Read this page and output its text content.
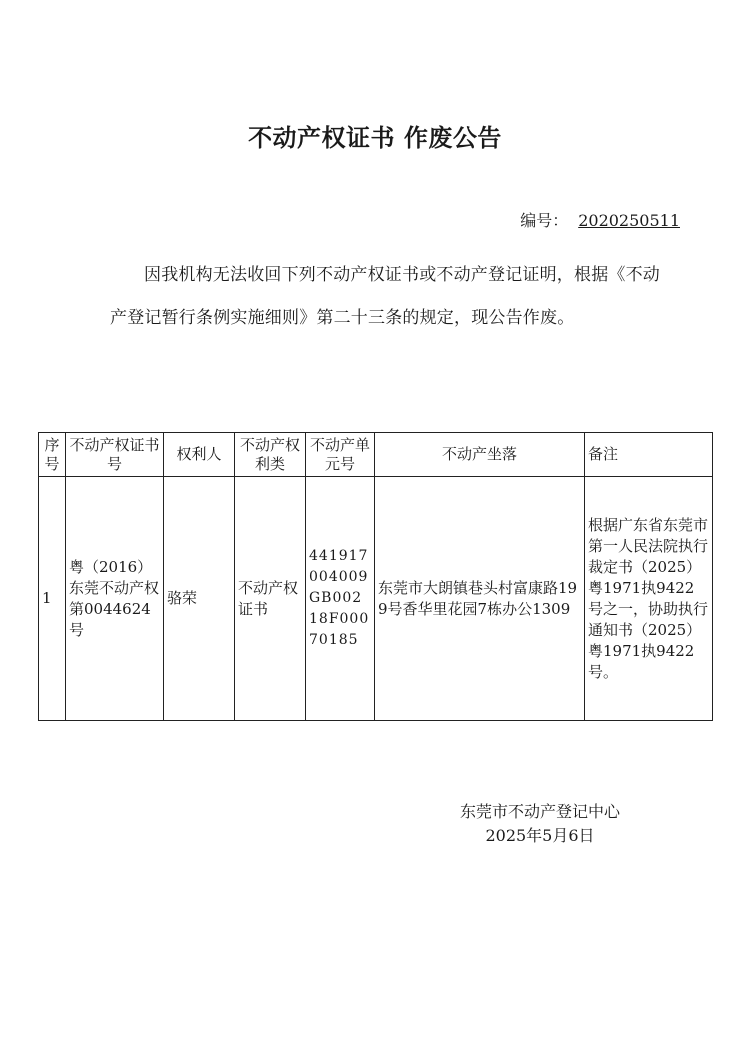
不动产权证书 作废公告
编号： 2020250511
因我机构无法收回下列不动产权证书或不动产登记证明，根据《不动产登记暂行条例实施细则》第二十三条的规定，现公告作废。
序号	不动产权证书号	权利人	不动产权利类	不动产单元号	不动产坐落	备注
1	粤（2016）东莞不动产权第0044624号	骆荣	不动产权证书	441917004009GB00218F00070185	东莞市大朗镇巷头村富康路199号香华里花园7栋办公1309	根据广东省东莞市第一人民法院执行裁定书（2025）粤1971执9422号之一，协助执行通知书（2025）粤1971执9422号。
东莞市不动产登记中心
2025年5月6日
